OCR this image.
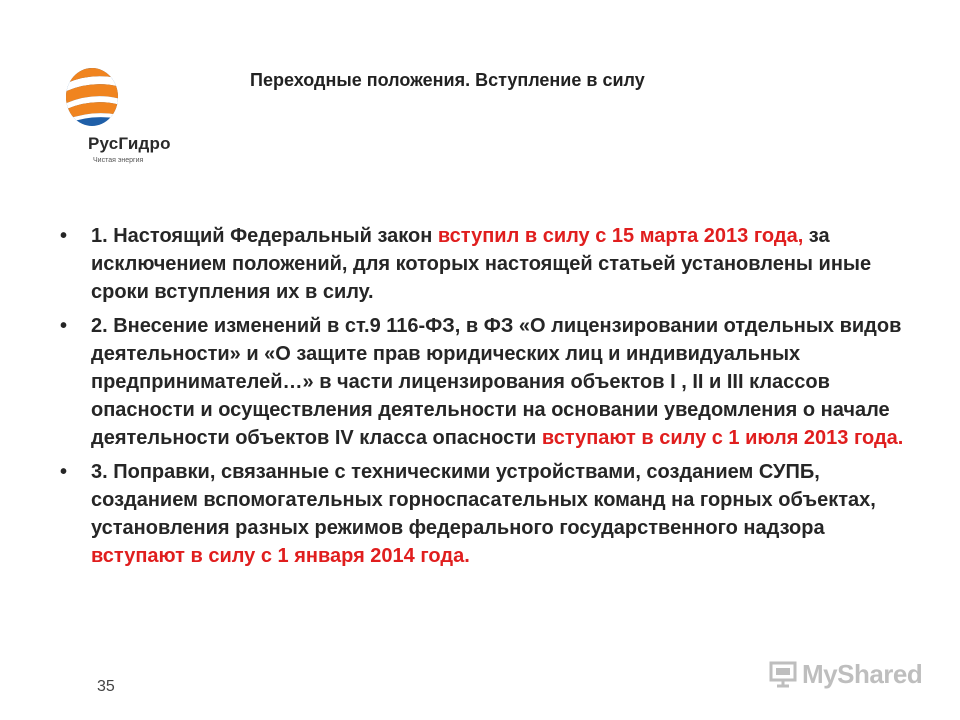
РусГидро
Чистая энергия
Переходные положения. Вступление в силу
• 1. Настоящий Федеральный закон вступил в силу с 15 марта 2013 года, за исключением положений, для которых настоящей статьей установлены иные сроки вступления их в силу.
• 2. Внесение изменений в ст.9 116-ФЗ, в ФЗ «О лицензировании отдельных видов деятельности» и «О защите прав юридических лиц и индивидуальных предпринимателей…» в части лицензирования объектов I , II и III классов опасности и осуществления деятельности на основании уведомления о начале деятельности объектов IV класса опасности вступают в силу с 1 июля 2013 года.
• 3. Поправки, связанные с техническими устройствами, созданием СУПБ, созданием вспомогательных горноспасательных команд на горных объектах, установления разных режимов федерального государственного надзора вступают в силу с 1 января 2014 года.
35	MyShared
